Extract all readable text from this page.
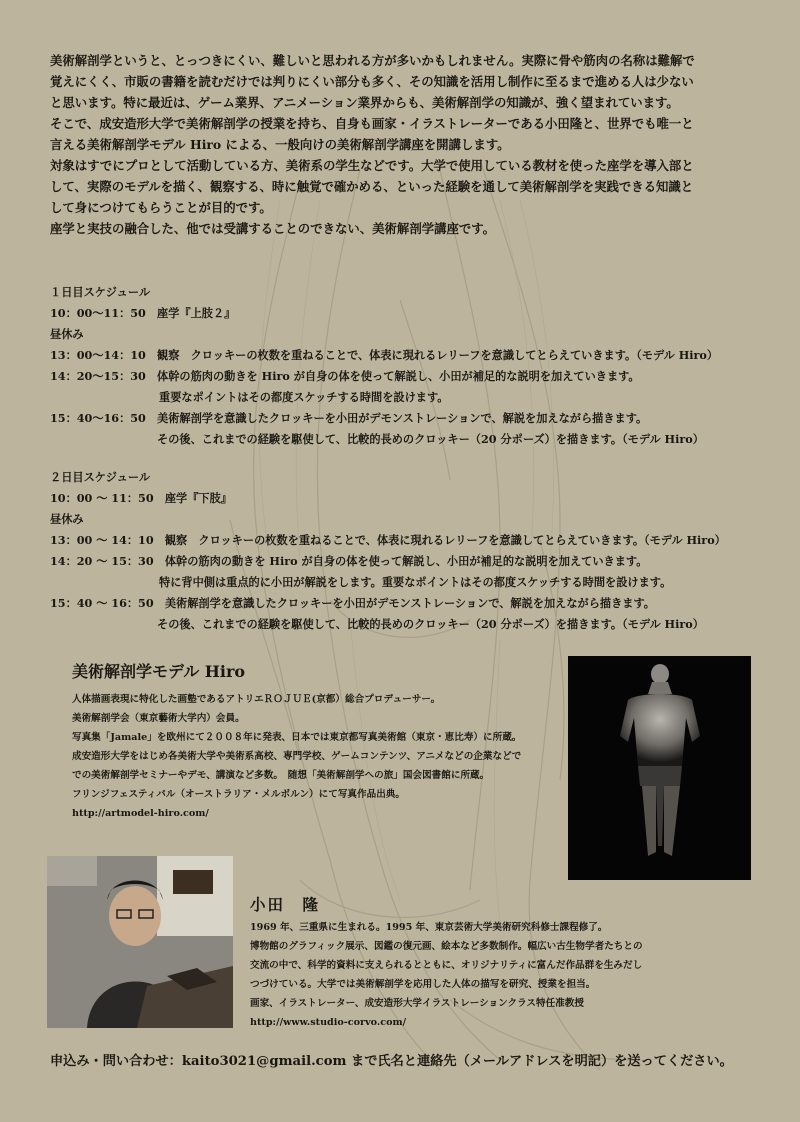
美術解剖学というと、とっつきにくい、難しいと思われる方が多いかもしれません。実際に骨や筋肉の名称は難解で

覚えにくく、市販の書籍を読むだけでは判りにくい部分も多く、その知識を活用し制作に至るまで進める人は少ない

と思います。特に最近は、ゲーム業界、アニメーション業界からも、美術解剖学の知識が、強く望まれています。

そこで、成安造形大学で美術解剖学の授業を持ち、自身も画家・イラストレーターである小田隆と、世界でも唯一と

言える美術解剖学モデル Hiro による、一般向けの美術解剖学講座を開講します。

対象はすでにプロとして活動している方、美術系の学生などです。大学で使用している教材を使った座学を導入部と

して、実際のモデルを描く、観察する、時に触覚で確かめる、といった経験を通して美術解剖学を実践できる知識と

して身につけてもらうことが目的です。

座学と実技の融合した、他では受講することのできない、美術解剖学講座です。

１日目スケジュール
10：00〜11：50　 座学『上肢２』
昼休み
13：00〜14：10　 観察　クロッキーの枚数を重ねることで、体表に現れるレリーフを意識してとらえていきます。（モデル Hiro）
14：20〜15：30　 体幹の筋肉の動きを Hiro が自身の体を使って解説し、小田が補足的な説明を加えていきます。
重要なポイントはその都度スケッチする時間を設けます。
15：40〜16：50　 美術解剖学を意識したクロッキーを小田がデモンストレーションで、解説を加えながら描きます。
その後、これまでの経験を駆使して、比較的長めのクロッキー（20 分ポーズ）を描きます。（モデル Hiro）
２日目スケジュール
10：00 〜 11：50　 座学『下肢』
昼休み
13：00 〜 14：10　 観察　クロッキーの枚数を重ねることで、体表に現れるレリーフを意識してとらえていきます。（モデル Hiro）
14：20 〜 15：30　 体幹の筋肉の動きを Hiro が自身の体を使って解説し、小田が補足的な説明を加えていきます。
特に背中側は重点的に小田が解説をします。重要なポイントはその都度スケッチする時間を設けます。
15：40 〜 16：50　 美術解剖学を意識したクロッキーを小田がデモンストレーションで、解説を加えながら描きます。
その後、これまでの経験を駆使して、比較的長めのクロッキー（20 分ポーズ）を描きます。（モデル Hiro）
美術解剖学モデル Hiro
人体描画表現に特化した画塾であるアトリエＲＯＪＵＥ(京都）総合プロデューサー。
美術解剖学会（東京藝術大学内）会員。
写真集「Jamale」を欧州にて２００８年に発表、日本では東京都写真美術館（東京・恵比寿）に所蔵。
成安造形大学をはじめ各美術大学や美術系高校、専門学校、ゲームコンテンツ、アニメなどの企業などで
での美術解剖学セミナーやデモ、講演など多数。　随想「美術解剖学への旅」国会図書館に所蔵。
フリンジフェスティバル（オーストラリア・メルボルン）にて写真作品出典。
http://artmodel-hiro.com/
小田　隆
1969 年、三重県に生まれる。1995 年、東京芸術大学美術研究科修士課程修了。
博物館のグラフィック展示、図鑑の復元画、絵本など多数制作。幅広い古生物学者たちとの
交流の中で、科学的資料に支えられるとともに、オリジナリティに富んだ作品群を生みだし
つづけている。大学では美術解剖学を応用した人体の描写を研究、授業を担当。
画家、イラストレーター、成安造形大学イラストレーションクラス特任准教授
http://www.studio-corvo.com/
申込み・問い合わせ：kaito3021@gmail.com まで氏名と連絡先（メールアドレスを明記）を送ってください。
